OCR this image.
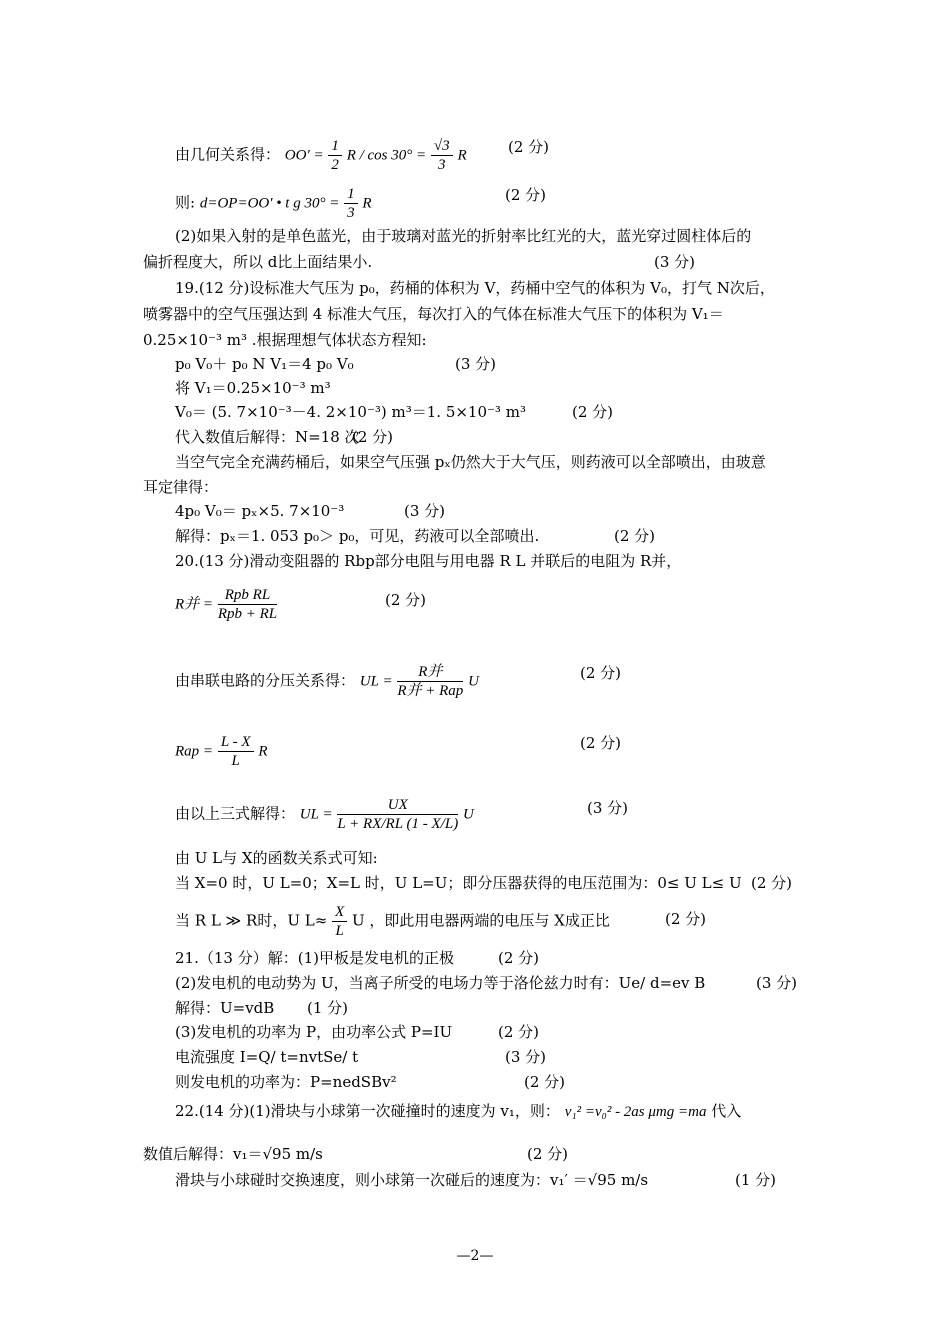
由几何关系得： $OO' = \frac{1}{2}$ $R / \cos 30^\circ = \frac{√3}{3}$ R	(2 分)
则: d=OP=OO′ • t g $30^\circ = \frac{1}{3}$ R	(2 分)
(2)如果入射的是单色蓝光，由于玻璃对蓝光的折射率比红光的大，蓝光穿过圆柱体后的
偏折程度大，所以 d比上面结果小.	(3 分)
19.(12 分)设标准大气压为 p₀，药桶的体积为 V，药桶中空气的体积为 V₀，打气 N次后，
喷雾器中的空气压强达到 4 标准大气压，每次打入的气体在标准大气压下的体积为 V₁＝
0.25×10⁻³ m³ .根据理想气体状态方程知:
p₀ V₀＋ p₀ N V₁＝4 p₀ V₀	(3 分)
将 V₁＝0.25×10⁻³ m³
V₀＝ (5. 7×10⁻³－4. 2×10⁻³) m³＝1. 5×10⁻³ m³	(2 分)
代入数值后解得：N=18 次
(2 分)
当空气完全充满药桶后，如果空气压强 pₓ仍然大于大气压，则药液可以全部喷出，由玻意
耳定律得：
4p₀ V₀＝ pₓ×5. 7×10⁻³	(3 分)
解得：pₓ＝1. 053 p₀＞ p₀，可见，药液可以全部喷出.	(2 分)
20.(13 分)滑动变阻器的 Rbp部分电阻与用电器 R L 并联后的电阻为 R并，
R并 = $\frac{\text{Rpb RL}}{\text{Rpb + RL}}$	(2 分)
由串联电路的分压关系得： UL = $\frac{\text{R并}}{\text{R并 + Rap}}$ U	(2 分)
Rap = $\frac{L - X}{L}$ R	(2 分)
由以上三式解得： UL = $\frac{UX}{L + RX/RL (1 - X/L)}$ U	(3 分)
由 U L与 X的函数关系式可知:
当 X=0 时，U L=0；X=L 时，U L=U；即分压器获得的电压范围为：0≤ U L≤ U (2 分)
当 R L ≫ R时，U $L\approx \frac{X}{L}$ U ，即此用电器两端的电压与 X成正比	(2 分)
21.（13 分）解：(1)甲板是发电机的正极	(2 分)
(2)发电机的电动势为 U，当离子所受的电场力等于洛伦兹力时有：Ue/ d=ev B	(3 分)
解得：U=vdB (1 分)
(3)发电机的功率为 P，由功率公式 P=IU	(2 分)
电流强度 I=Q/ t=nvtSe/ t	(3 分)
则发电机的功率为：P=nedSBv²	(2 分)
22.(14 分)(1)滑块与小球第一次碰撞时的速度为 v₁，则： v₁² =v₀² - 2as μmg =ma 代入
数值后解得：v₁＝√95 m/s	(2 分)
滑块与小球碰时交换速度，则小球第一次碰后的速度为：v₁′ ＝√95 m/s	(1 分)
—2—
